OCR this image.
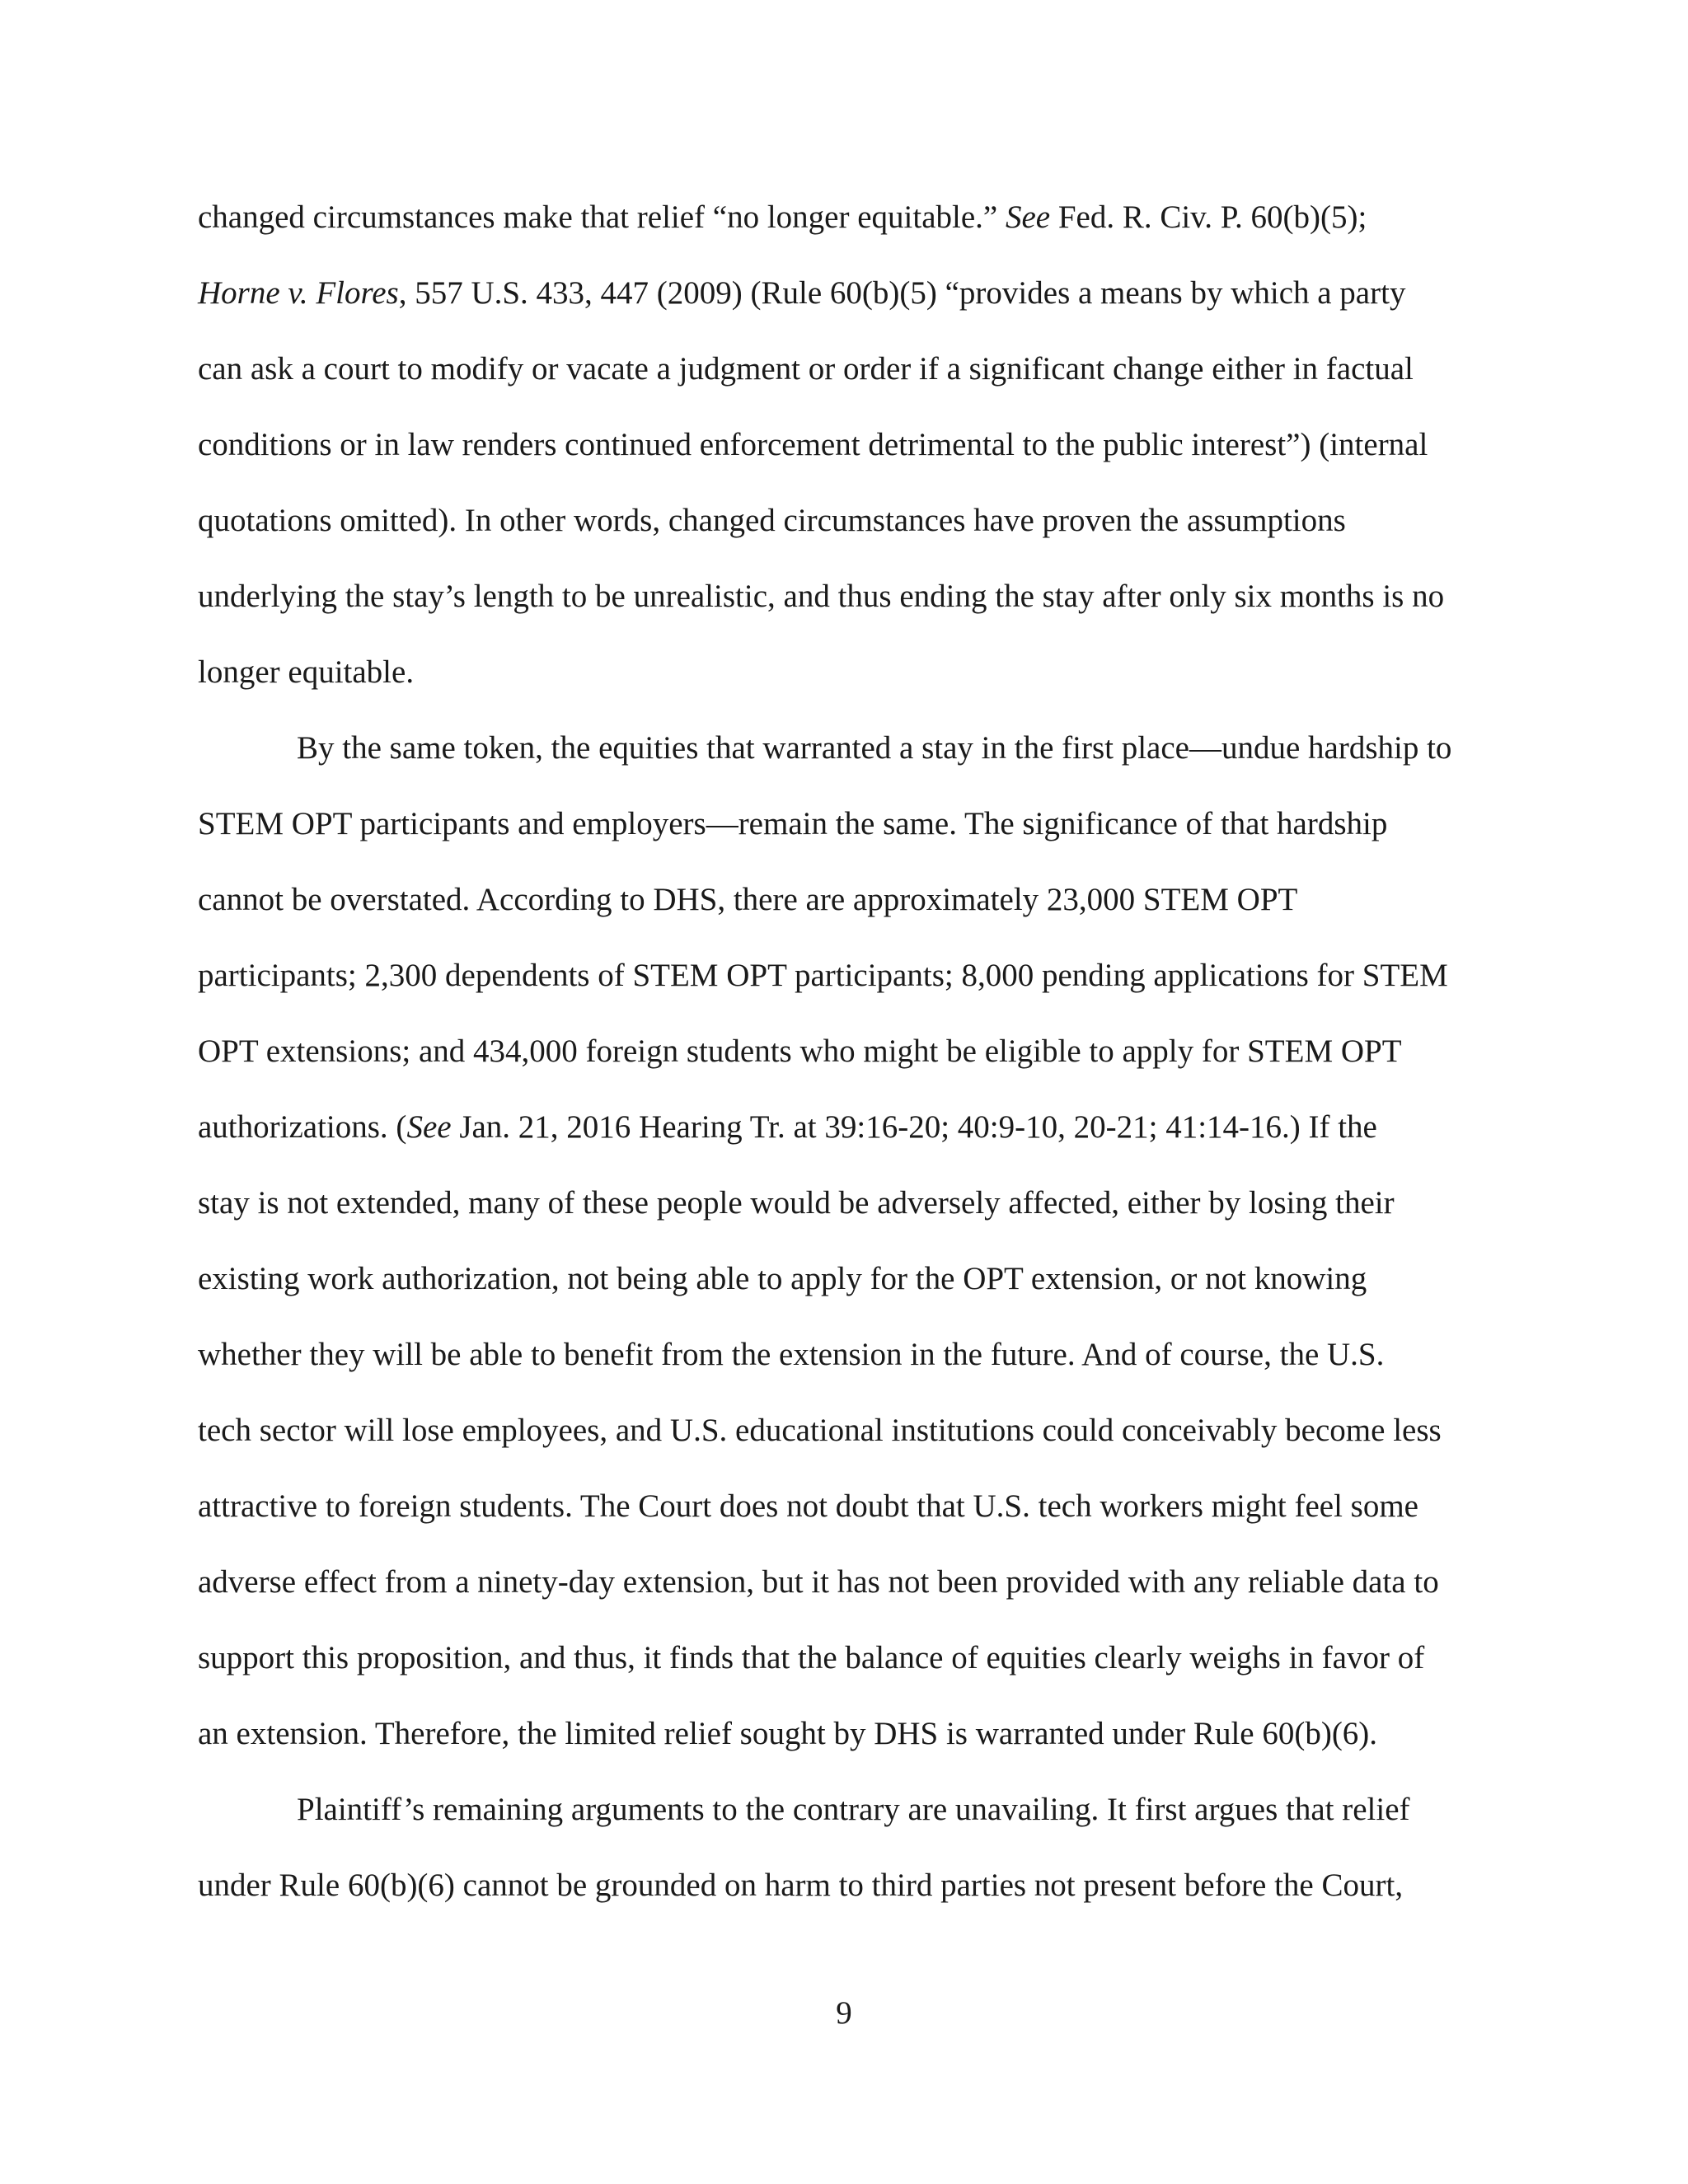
changed circumstances make that relief “no longer equitable.” See Fed. R. Civ. P. 60(b)(5);
Horne v. Flores, 557 U.S. 433, 447 (2009) (Rule 60(b)(5) “provides a means by which a party
can ask a court to modify or vacate a judgment or order if a significant change either in factual
conditions or in law renders continued enforcement detrimental to the public interest”) (internal
quotations omitted). In other words, changed circumstances have proven the assumptions
underlying the stay’s length to be unrealistic, and thus ending the stay after only six months is no
longer equitable.

By the same token, the equities that warranted a stay in the first place—undue hardship to
STEM OPT participants and employers—remain the same. The significance of that hardship
cannot be overstated. According to DHS, there are approximately 23,000 STEM OPT
participants; 2,300 dependents of STEM OPT participants; 8,000 pending applications for STEM
OPT extensions; and 434,000 foreign students who might be eligible to apply for STEM OPT
authorizations. (See Jan. 21, 2016 Hearing Tr. at 39:16-20; 40:9-10, 20-21; 41:14-16.) If the
stay is not extended, many of these people would be adversely affected, either by losing their
existing work authorization, not being able to apply for the OPT extension, or not knowing
whether they will be able to benefit from the extension in the future. And of course, the U.S.
tech sector will lose employees, and U.S. educational institutions could conceivably become less
attractive to foreign students. The Court does not doubt that U.S. tech workers might feel some
adverse effect from a ninety-day extension, but it has not been provided with any reliable data to
support this proposition, and thus, it finds that the balance of equities clearly weighs in favor of
an extension. Therefore, the limited relief sought by DHS is warranted under Rule 60(b)(6).

Plaintiff’s remaining arguments to the contrary are unavailing. It first argues that relief
under Rule 60(b)(6) cannot be grounded on harm to third parties not present before the Court,

9
